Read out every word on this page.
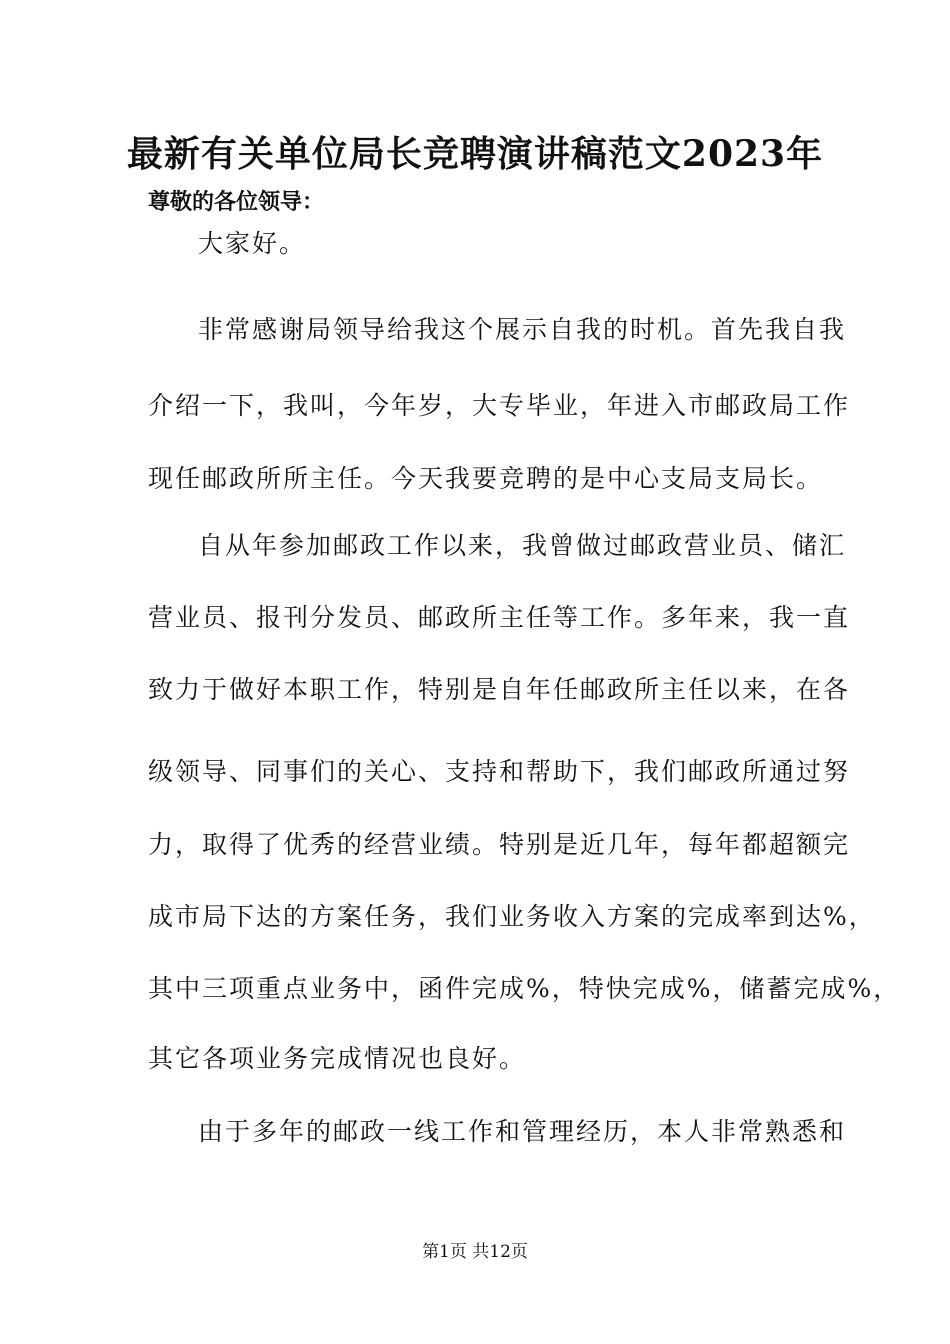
最新有关单位局长竞聘演讲稿范文2023年
尊敬的各位领导：
大家好。
非常感谢局领导给我这个展示自我的时机。首先我自我
介绍一下，我叫，今年岁，大专毕业，年进入市邮政局工作
现任邮政所所主任。今天我要竞聘的是中心支局支局长。
自从年参加邮政工作以来，我曾做过邮政营业员、储汇
营业员、报刊分发员、邮政所主任等工作。多年来，我一直
致力于做好本职工作，特别是自年任邮政所主任以来，在各
级领导、同事们的关心、支持和帮助下，我们邮政所通过努
力，取得了优秀的经营业绩。特别是近几年，每年都超额完
成市局下达的方案任务，我们业务收入方案的完成率到达%，
其中三项重点业务中，函件完成%，特快完成%，储蓄完成%，
其它各项业务完成情况也良好。
由于多年的邮政一线工作和管理经历，本人非常熟悉和
第1页 共12页
